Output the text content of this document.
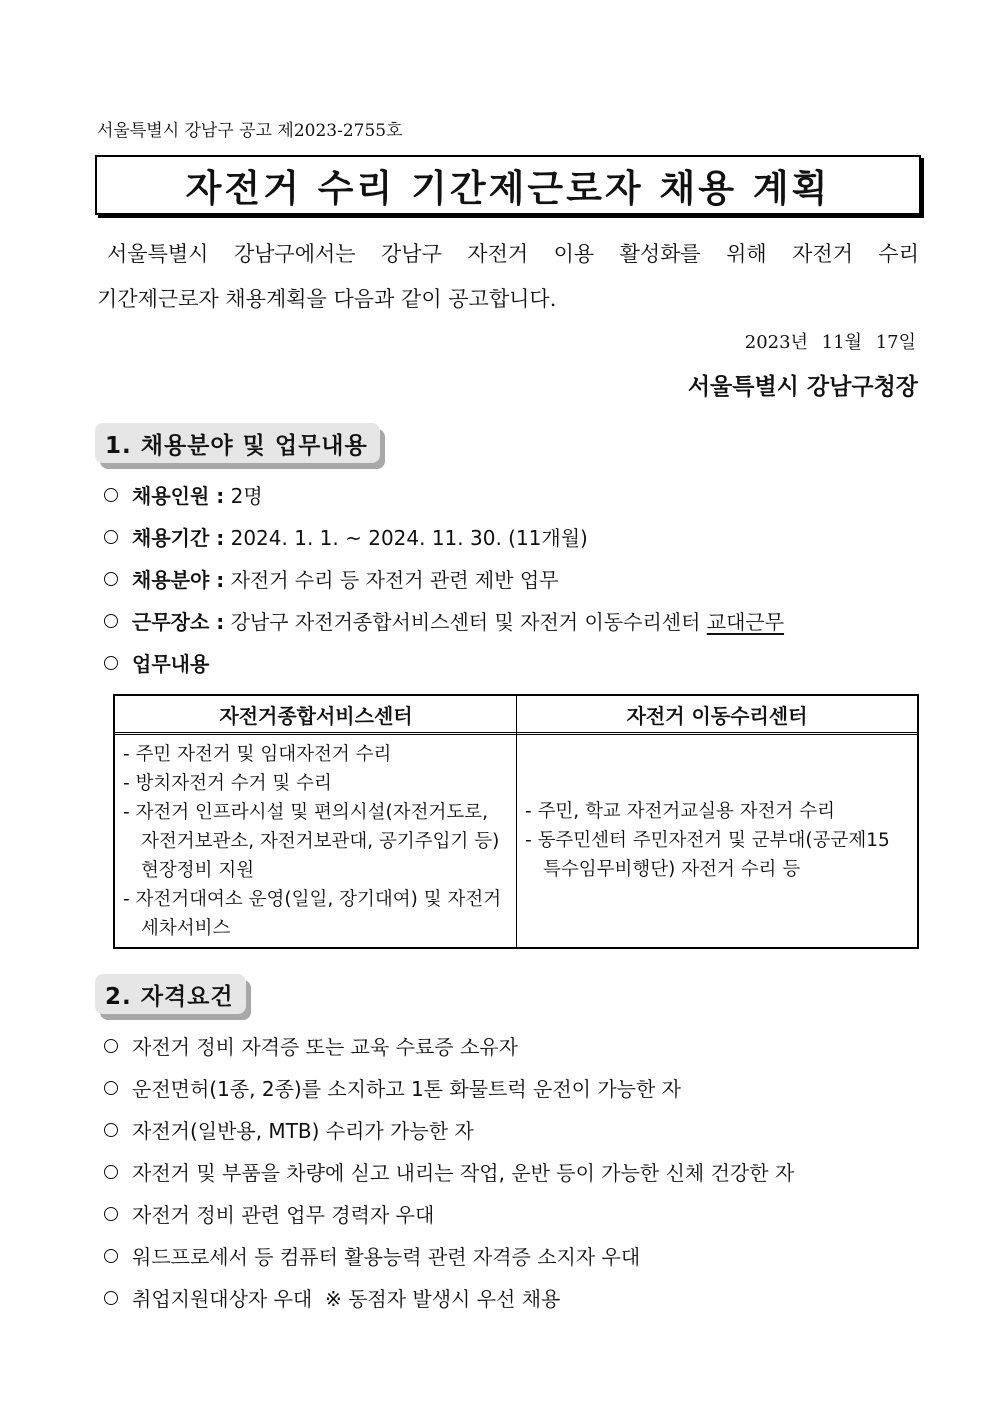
서울특별시 강남구 공고 제2023-2755호
자전거 수리 기간제근로자 채용 계획
서울특별시 강남구에서는 강남구 자전거 이용 활성화를 위해 자전거 수리
기간제근로자 채용계획을 다음과 같이 공고합니다.
2023년 11월 17일
서울특별시 강남구청장
1. 채용분야 및 업무내용
채용인원 :
2명
채용기간 :
2024. 1. 1. ~ 2024. 11. 30. (11개월)
채용분야 :
자전거 수리 등 자전거 관련 제반 업무
근무장소 :
강남구 자전거종합서비스센터 및 자전거 이동수리센터
교대근무
업무내용
자전거종합서비스센터	자전거 이동수리센터
- 주민 자전거 및 임대자전거 수리
- 방치자전거 수거 및 수리
- 자전거 인프라시설 및 편의시설(자전거도로, 자전거보관소, 자전거보관대, 공기주입기 등) 현장정비 지원
- 자전거대여소 운영(일일, 장기대여) 및 자전거 세차서비스
- 주민, 학교 자전거교실용 자전거 수리
- 동주민센터 주민자전거 및 군부대(공군제15
특수임무비행단) 자전거 수리 등
2. 자격요건
자전거 정비 자격증 또는 교육 수료증 소유자
운전면허(1종, 2종)를 소지하고 1톤 화물트럭 운전이 가능한 자
자전거(일반용, MTB) 수리가 가능한 자
자전거 및 부품을 차량에 싣고 내리는 작업, 운반 등이 가능한 신체 건강한 자
자전거 정비 관련 업무 경력자 우대
워드프로세서 등 컴퓨터 활용능력 관련 자격증 소지자 우대
취업지원대상자 우대  ※ 동점자 발생시 우선 채용
